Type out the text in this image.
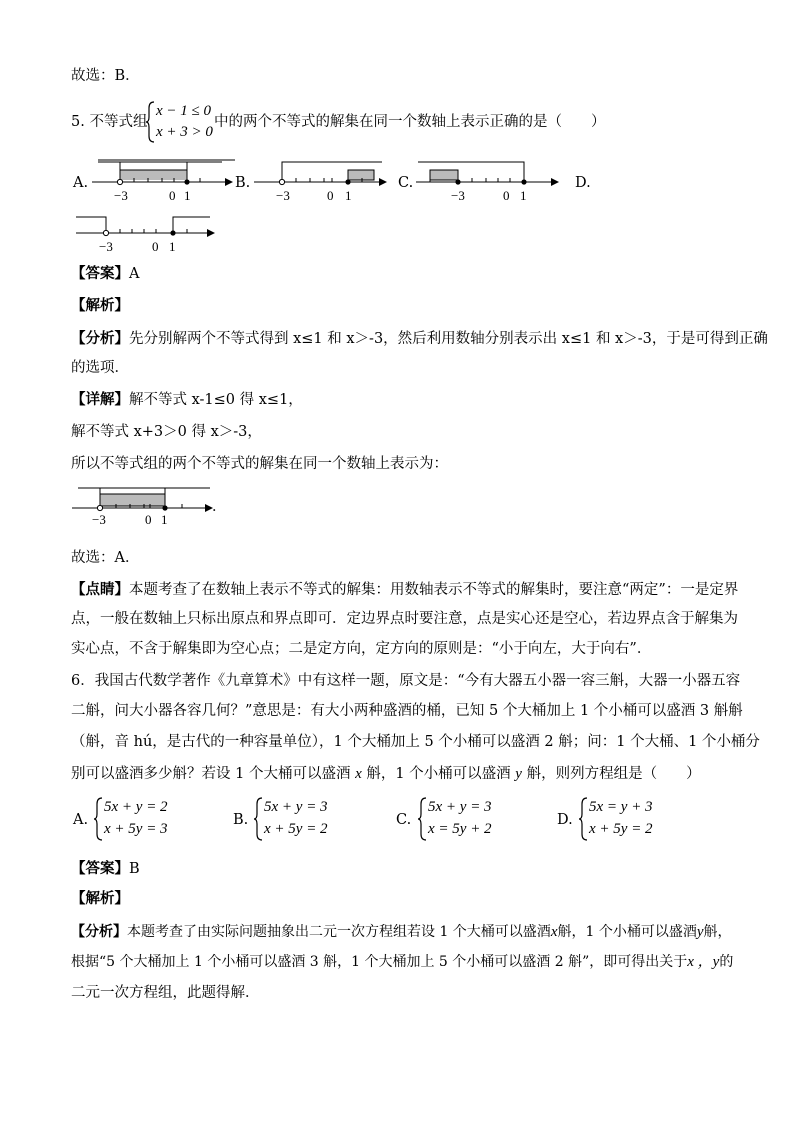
故选：B．
5. 不等式组
x − 1 ≤ 0
x + 3 > 0
中的两个不等式的解集在同一个数轴上表示正确的是（　　）
A.
−3	0 1
B.
−3	0 1
C.
−3	0 1
D.
−3	0 1
【答案】A
【解析】
【分析】先分别解两个不等式得到 x≤1 和 x＞-3，然后利用数轴分别表示出 x≤1 和 x＞-3，于是可得到正确
的选项．
【详解】解不等式 x-1≤0 得 x≤1，
解不等式 x+3＞0 得 x＞-3，
所以不等式组的两个不等式的解集在同一个数轴上表示为：
−3	0 1
．
故选：A．
【点睛】本题考查了在数轴上表示不等式的解集：用数轴表示不等式的解集时，要注意“两定”：一是定界
点，一般在数轴上只标出原点和界点即可．定边界点时要注意，点是实心还是空心，若边界点含于解集为
实心点，不含于解集即为空心点；二是定方向，定方向的原则是：“小于向左，大于向右”．
6．我国古代数学著作《九章算术》中有这样一题，原文是：“今有大器五小器一容三斛，大器一小器五容
二斛，问大小器各容几何？”意思是：有大小两种盛酒的桶，已知 5 个大桶加上 1 个小桶可以盛酒 3 斛斛
（斛，音 hú，是古代的一种容量单位），1 个大桶加上 5 个小桶可以盛酒 2 斛；问：1 个大桶、1 个小桶分
别可以盛酒多少斛？若设 1 个大桶可以盛酒 x 斛，1 个小桶可以盛酒 y 斛，则列方程组是（　　）
A.
5x + y = 2
x + 5y = 3
B.
5x + y = 3
x + 5y = 2
C.
5x + y = 3
x = 5y + 2
D.
5x = y + 3
x + 5y = 2
【答案】B
【解析】
【分析】本题考查了由实际问题抽象出二元一次方程组若设 1 个大桶可以盛酒x斛，1 个小桶可以盛酒y斛，
根据“5 个大桶加上 1 个小桶可以盛酒 3 斛，1 个大桶加上 5 个小桶可以盛酒 2 斛”，即可得出关于x ，y的
二元一次方程组，此题得解．
